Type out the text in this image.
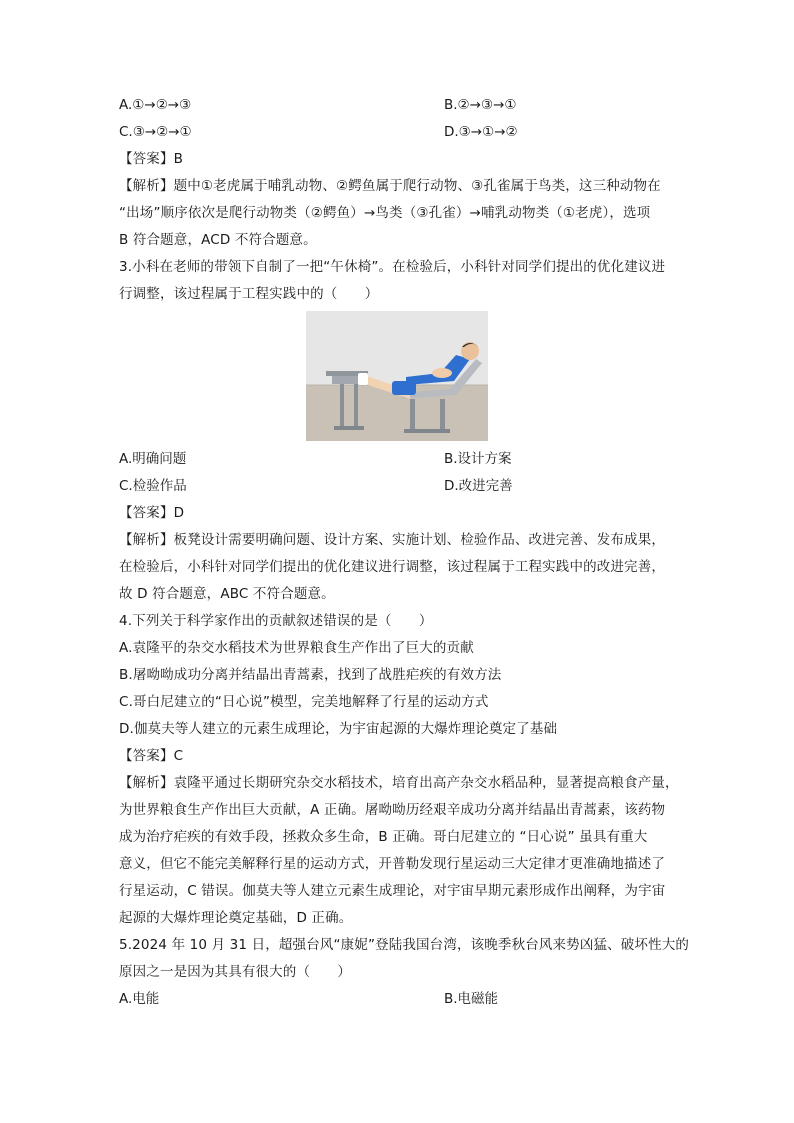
A.①→②→③	B.②→③→①
C.③→②→①	D.③→①→②
【答案】B
【解析】题中①老虎属于哺乳动物、②鳄鱼属于爬行动物、③孔雀属于鸟类，这三种动物在
“出场”顺序依次是爬行动物类（②鳄鱼）→鸟类（③孔雀）→哺乳动物类（①老虎），选项
B 符合题意，ACD 不符合题意。
3.小科在老师的带领下自制了一把“午休椅”。在检验后，小科针对同学们提出的优化建议进
行调整，该过程属于工程实践中的（　　）
A.明确问题	B.设计方案
C.检验作品	D.改进完善
【答案】D
【解析】板凳设计需要明确问题、设计方案、实施计划、检验作品、改进完善、发布成果，
在检验后，小科针对同学们提出的优化建议进行调整，该过程属于工程实践中的改进完善，
故 D 符合题意，ABC 不符合题意。
4.下列关于科学家作出的贡献叙述错误的是（　　）
A.袁隆平的杂交水稻技术为世界粮食生产作出了巨大的贡献
B.屠呦呦成功分离并结晶出青蒿素，找到了战胜疟疾的有效方法
C.哥白尼建立的“日心说”模型，完美地解释了行星的运动方式
D.伽莫夫等人建立的元素生成理论，为宇宙起源的大爆炸理论奠定了基础
【答案】C
【解析】袁隆平通过长期研究杂交水稻技术，培育出高产杂交水稻品种，显著提高粮食产量，
为世界粮食生产作出巨大贡献，A 正确。屠呦呦历经艰辛成功分离并结晶出青蒿素，该药物
成为治疗疟疾的有效手段，拯救众多生命，B 正确。哥白尼建立的 “日心说” 虽具有重大
意义，但它不能完美解释行星的运动方式，开普勒发现行星运动三大定律才更准确地描述了
行星运动，C 错误。伽莫夫等人建立元素生成理论，对宇宙早期元素形成作出阐释，为宇宙
起源的大爆炸理论奠定基础，D 正确。
5.2024 年 10 月 31 日，超强台风“康妮”登陆我国台湾，该晚季秋台风来势凶猛、破坏性大的
原因之一是因为其具有很大的（　　）
A.电能	B.电磁能
